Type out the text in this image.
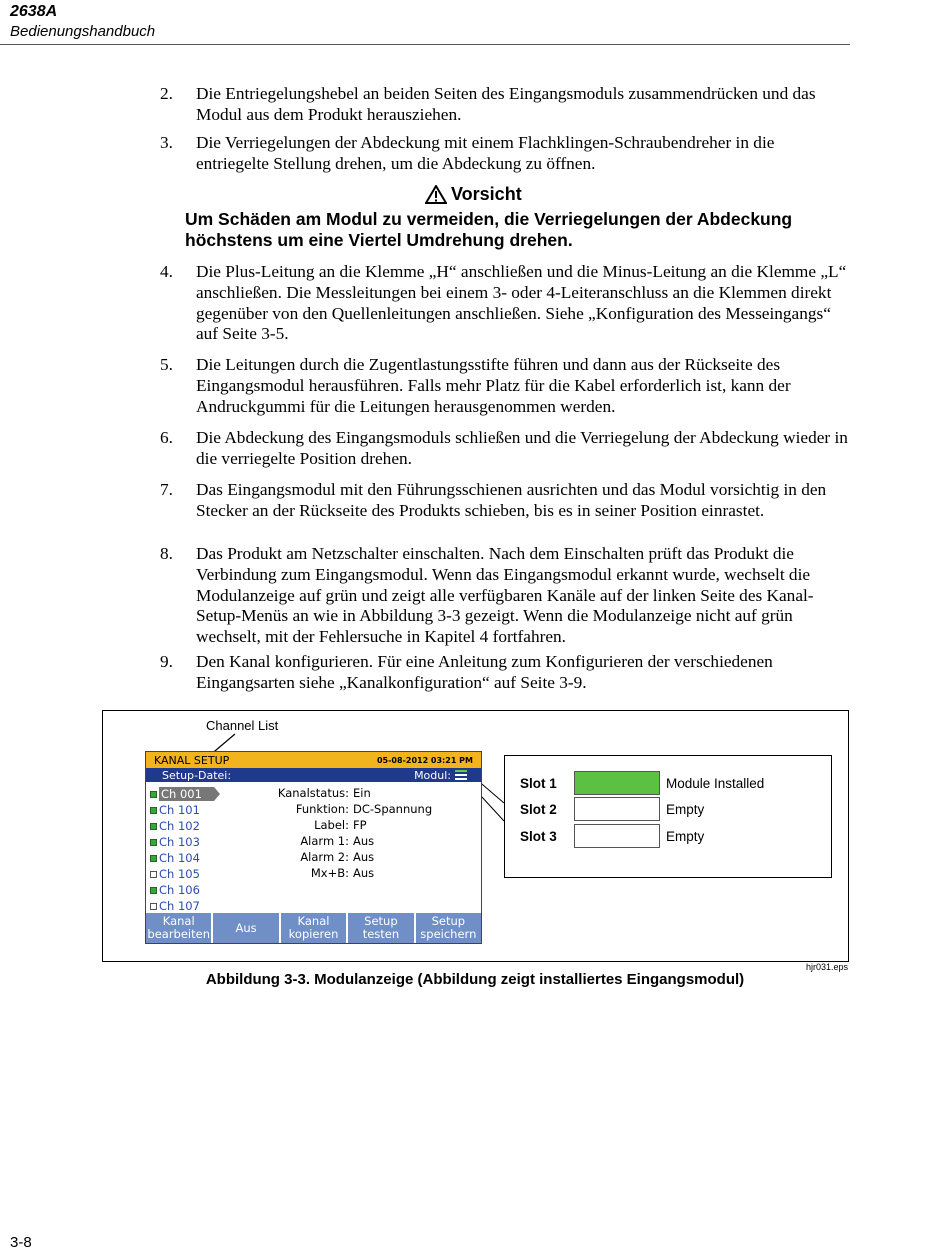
2638A
Bedienungshandbuch
2.	Die Entriegelungshebel an beiden Seiten des Eingangsmoduls zusammendrücken und das Modul aus dem Produkt herausziehen.
3.	Die Verriegelungen der Abdeckung mit einem Flachklingen-Schraubendreher in die entriegelte Stellung drehen, um die Abdeckung zu öffnen.
Vorsicht
Um Schäden am Modul zu vermeiden, die Verriegelungen der Abdeckung höchstens um eine Viertel Umdrehung drehen.
4.	Die Plus-Leitung an die Klemme „H“ anschließen und die Minus-Leitung an die Klemme „L“ anschließen. Die Messleitungen bei einem 3- oder 4-Leiteranschluss an die Klemmen direkt gegenüber von den Quellenleitungen anschließen. Siehe „Konfiguration des Messeingangs“ auf Seite 3-5.
5.	Die Leitungen durch die Zugentlastungsstifte führen und dann aus der Rückseite des Eingangsmodul herausführen. Falls mehr Platz für die Kabel erforderlich ist, kann der Andruckgummi für die Leitungen herausgenommen werden.
6.	Die Abdeckung des Eingangsmoduls schließen und die Verriegelung der Abdeckung wieder in die verriegelte Position drehen.
7.	Das Eingangsmodul mit den Führungsschienen ausrichten und das Modul vorsichtig in den Stecker an der Rückseite des Produkts schieben, bis es in seiner Position einrastet.
8.	Das Produkt am Netzschalter einschalten. Nach dem Einschalten prüft das Produkt die Verbindung zum Eingangsmodul. Wenn das Eingangsmodul erkannt wurde, wechselt die Modulanzeige auf grün und zeigt alle verfügbaren Kanäle auf der linken Seite des Kanal-Setup-Menüs an wie in Abbildung 3-3 gezeigt. Wenn die Modulanzeige nicht auf grün wechselt, mit der Fehlersuche in Kapitel 4 fortfahren.
9.	Den Kanal konfigurieren. Für eine Anleitung zum Konfigurieren der verschiedenen Eingangsarten siehe „Kanalkonfiguration“ auf Seite 3-9.
Channel List
KANAL SETUP	05-08-2012 03:21 PM
Setup-Datei:	Modul:
Ch 001
Ch 101
Ch 102
Ch 103
Ch 104
Ch 105
Ch 106
Ch 107
Kanalstatus: Ein
Funktion: DC-Spannung
Label: FP
Alarm 1: Aus
Alarm 2: Aus
Mx+B: Aus
Kanal
bearbeiten Aus	Kanal
kopieren
Setup
testen
Setup
speichern
Slot 1	Module Installed
Slot 2	Empty
Slot 3	Empty
hjr031.eps
Abbildung 3-3. Modulanzeige (Abbildung zeigt installiertes Eingangsmodul)
3-8
